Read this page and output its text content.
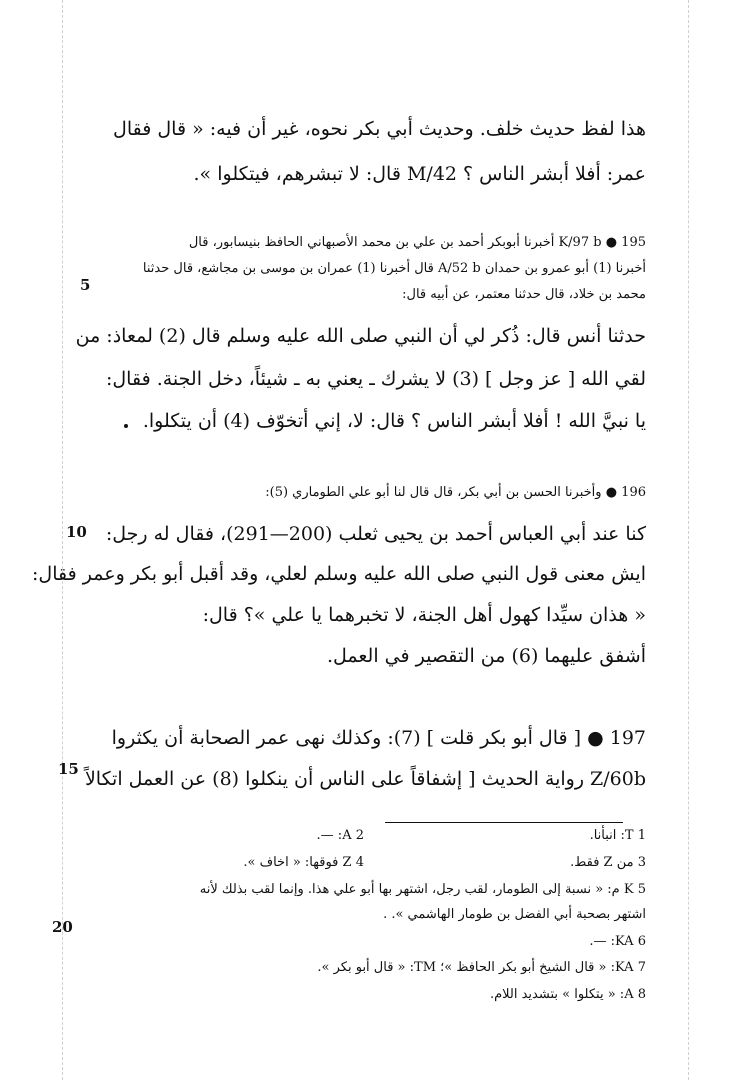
هذا لفظ حديث خلف. وحديث أبي بكر نحوه، غير أن فيه: « قال فقال
عمر: أفلا أبشر الناس ؟ M/42 قال: لا تبشرهم، فيتكلوا ».
195 ● K/97 b أخبرنا أبوبكر أحمد بن علي بن محمد الأصبهاني الحافظ بنيسابور، قال
أخبرنا (1) أبو عمرو بن حمدان A/52 b قال أخبرنا (1) عمران بن موسى بن مجاشع، قال حدثنا
محمد بن خلاد، قال حدثنا معتمر، عن أبيه قال:
5
حدثنا أنس قال: ذُكر لي أن النبي صلى الله عليه وسلم قال (2) لمعاذ: من
لقي الله [ عز وجل ] (3) لا يشرك ـ يعني به ـ شيئاً، دخل الجنة. فقال:
يا نبيَّ الله ! أفلا أبشر الناس ؟ قال: لا، إني أتخوّف (4) أن يتكلوا.
196 ● وأخبرنا الحسن بن أبي بكر، قال قال لنا أبو علي الطوماري (5):
كنا عند أبي العباس أحمد بن يحيى ثعلب (200—291)، فقال له رجل:
10
ايش معنى قول النبي صلى الله عليه وسلم لعلي، وقد أقبل أبو بكر وعمر فقال:
« هذان سيِّدا كهول أهل الجنة، لا تخبرهما يا علي »؟ قال:
أشفق عليهما (6) من التقصير في العمل.
197 ● [ قال أبو بكر قلت ] (7): وكذلك نهى عمر الصحابة أن يكثروا
Z/60b رواية الحديث [ إشفاقاً على الناس أن ينكلوا (8) عن العمل اتكالاً
15
1 T: انبأنا.
2 A: —.
3 من Z فقط.
4 Z فوقها: « اخاف ».
5 K م: « نسبة إلى الطومار، لقب رجل، اشتهر بها أبو علي هذا. وإنما لقب بذلك لأنه
اشتهر بصحبة أبي الفضل بن طومار الهاشمي ». .
20
6 KA: —.
7 KA: « قال الشيخ أبو بكر الحافظ »؛ TM: « قال أبو بكر ».
8 A: « يتكلوا » بتشديد اللام.
